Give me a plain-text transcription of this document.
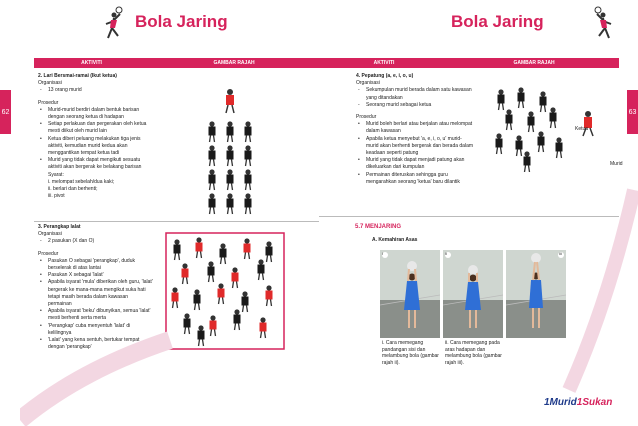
Bola Jaring
AKTIVITI	GAMBAR RAJAH
62
2. Lari Bersmai-ramai (Ikut ketua)
Organisasi
- 13 orang murid
Prosedur
• Murid-murid berdiri dalam bentuk barisan dengan seorang ketua di hadapan
• Setiap perlakuan dan pergerakan oleh ketua mesti diikut oleh murid lain
• Ketua diberi peluang melakukan tiga jenis aktiviti, kemudian murid kedua akan menggantikan tempat ketua tadi
• Murid yang tidak dapat mengikuti sesuatu aktiviti akan bergerak ke belakang barisan Syarat:
i. melompat sebelah/dua kaki;
ii. berlari dan berhenti;
iii. pivot
3. Perangkap lalat
Organisasi
- 2 pasukan (X dan O)
Prosedur
• Pasukan O sebagai 'perangkap', duduk berselerak di atas lantai
• Pasukan X sebagai 'lalat'
• Apabila isyarat 'mula' diberikan oleh guru, 'lalat' bergerak ke mana-mana mengikut suka hati tetapi masih berada dalam kawasan permainan
• Apabila isyarat 'beku' dibunyikan, semua 'lalat' mesti berhenti serta merta
• 'Perangkap' cuba menyentuh 'lalat' di kelilingnya
• 'Lalat' yang kena sentuh, bertukar tempat dengan 'perangkap'
Bola Jaring
AKTIVITI	GAMBAR RAJAH
63
4. Pepatung (a, e, i, o, u)
Organisasi
- Sekumpulan murid berada dalam satu kawasan yang ditandakan
- Seorang murid sebagai ketua
Prosedur
• Murid boleh berlari atau berjalan atau melompat dalam kawasan
• Apabila ketua menyebut 'a, e, i, o, u' murid-murid akan berhenti bergerak dan berada dalam keadaan seperti patung
• Murid yang tidak dapat menjadi patung akan dikeluarkan dari kumpulan
• Permainan diteruskan sehingga guru mengarahkan seorang 'ketua' baru dilantik
Ketua
Murid
5.7 MENJARING
A. Kemahiran Asas
i	ii	iii
i. Cara memegang pandangan sisi dan melambung bola (gambar rajah ii).
ii. Cara memegang pada aras hadapan dan melambung bola (gambar rajah iii).
1Murid1Sukan
